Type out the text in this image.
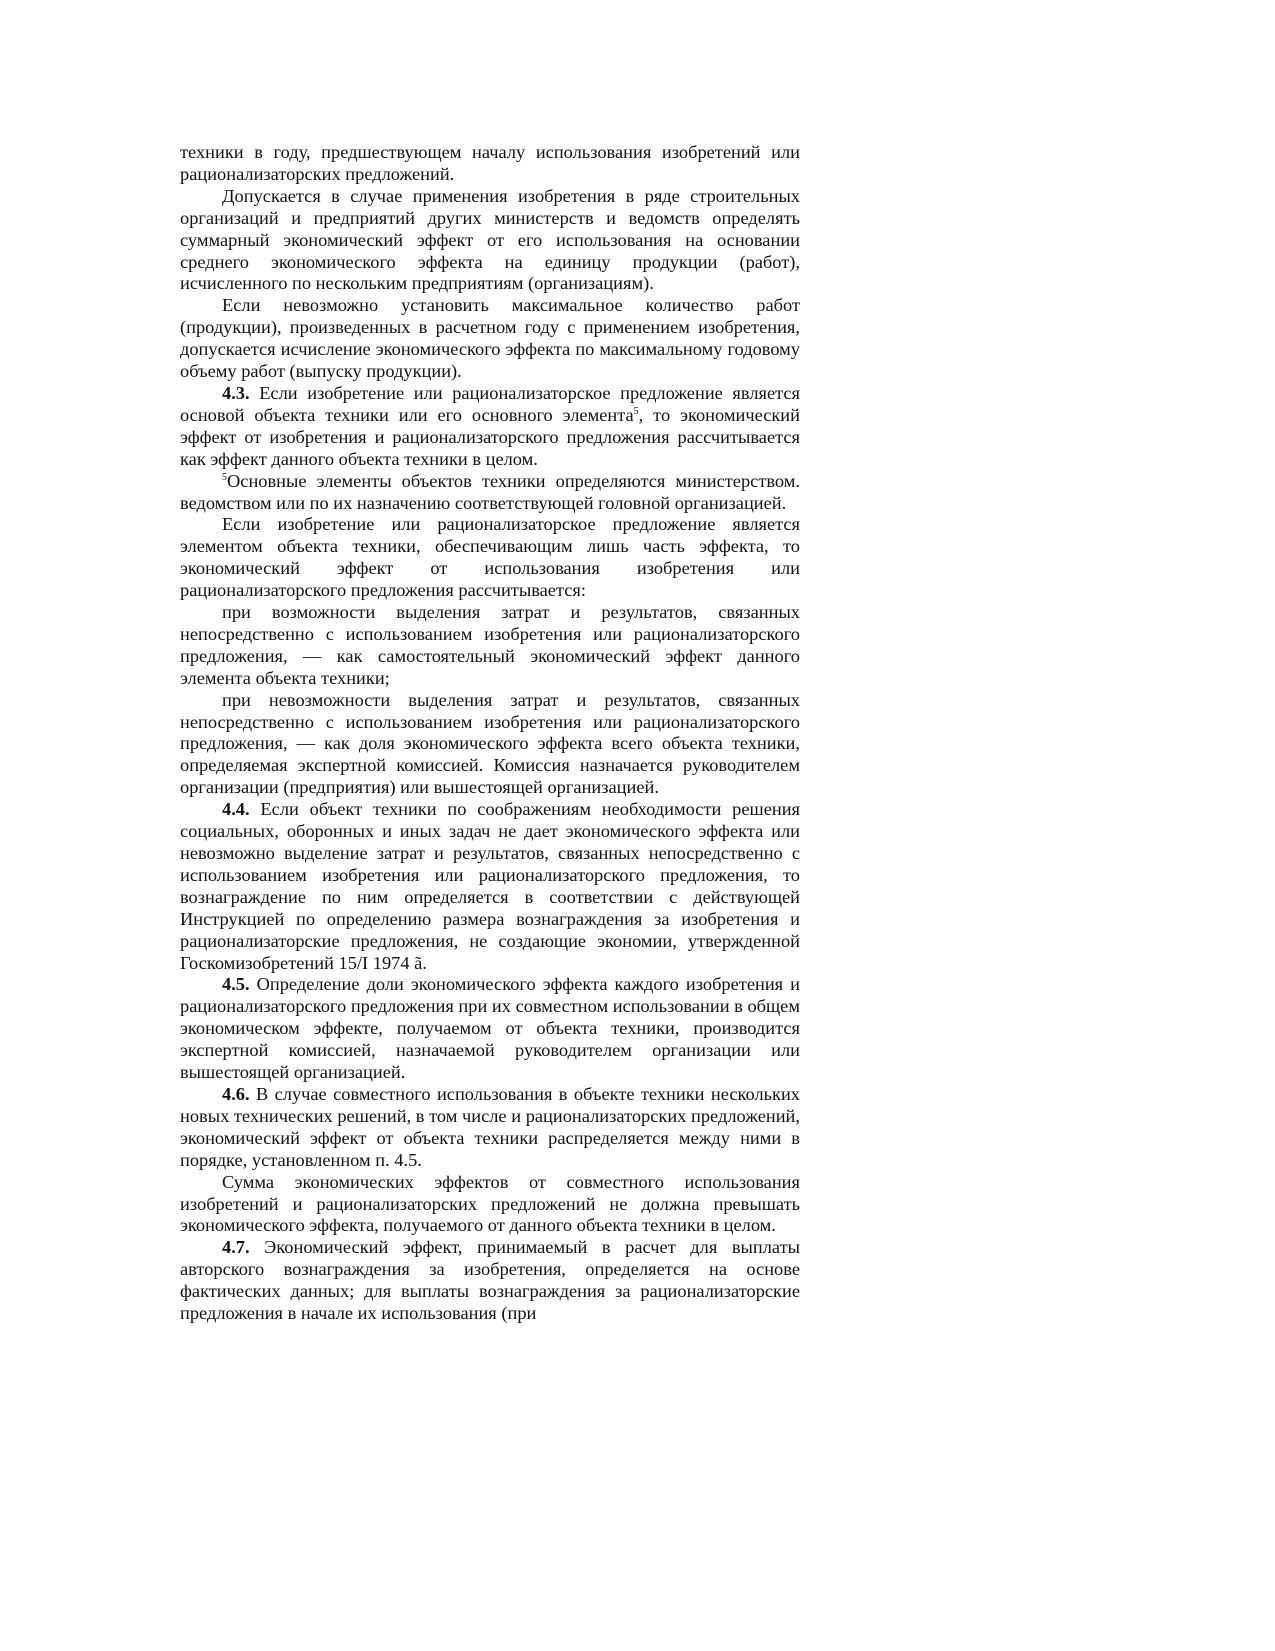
техники в году, предшествующем началу использования изобретений или рационализаторских предложений.

Допускается в случае применения изобретения в ряде строительных организаций и предприятий других министерств и ведомств определять суммарный экономический эффект от его использования на основании среднего экономического эффекта на единицу продукции (работ), исчисленного по нескольким предприятиям (организациям).

Если невозможно установить максимальное количество работ (продукции), произведенных в расчетном году с применением изобретения, допускается исчисление экономического эффекта по максимальному годовому объему работ (выпуску продукции).

4.3. Если изобретение или рационализаторское предложение является основой объекта техники или его основного элемента$^5$, то экономический эффект от изобретения и рационализаторского предложения рассчитывается как эффект данного объекта техники в целом.

$^5$Основные элементы объектов техники определяются министерством. ведомством или по их назначению соответствующей головной организацией.

Если изобретение или рационализаторское предложение является элементом объекта техники, обеспечивающим лишь часть эффекта, то экономический эффект от использования изобретения или рационализаторского предложения рассчитывается:

при возможности выделения затрат и результатов, связанных непосредственно с использованием изобретения или рационализаторского предложения, — как самостоятельный экономический эффект данного элемента объекта техники;

при невозможности выделения затрат и результатов, связанных непосредственно с использованием изобретения или рационализаторского предложения, — как доля экономического эффекта всего объекта техники, определяемая экспертной комиссией. Комиссия назначается руководителем организации (предприятия) или вышестоящей организацией.

4.4. Если объект техники по соображениям необходимости решения социальных, оборонных и иных задач не дает экономического эффекта или невозможно выделение затрат и результатов, связанных непосредственно с использованием изобретения или рационализаторского предложения, то вознаграждение по ним определяется в соответствии с действующей Инструкцией по определению размера вознаграждения за изобретения и рационализаторские предложения, не создающие экономии, утвержденной Госкомизобретений 15/I 1974 ã.

4.5. Определение доли экономического эффекта каждого изобретения и рационализаторского предложения при их совместном использовании в общем экономическом эффекте, получаемом от объекта техники, производится экспертной комиссией, назначаемой руководителем организации или вышестоящей организацией.

4.6. В случае совместного использования в объекте техники нескольких новых технических решений, в том числе и рационализаторских предложений, экономический эффект от объекта техники распределяется между ними в порядке, установленном п. 4.5.

Сумма экономических эффектов от совместного использования изобретений и рационализаторских предложений не должна превышать экономического эффекта, получаемого от данного объекта техники в целом.

4.7. Экономический эффект, принимаемый в расчет для выплаты авторского вознаграждения за изобретения, определяется на основе фактических данных; для выплаты вознаграждения за рационализаторские предложения в начале их использования (при
